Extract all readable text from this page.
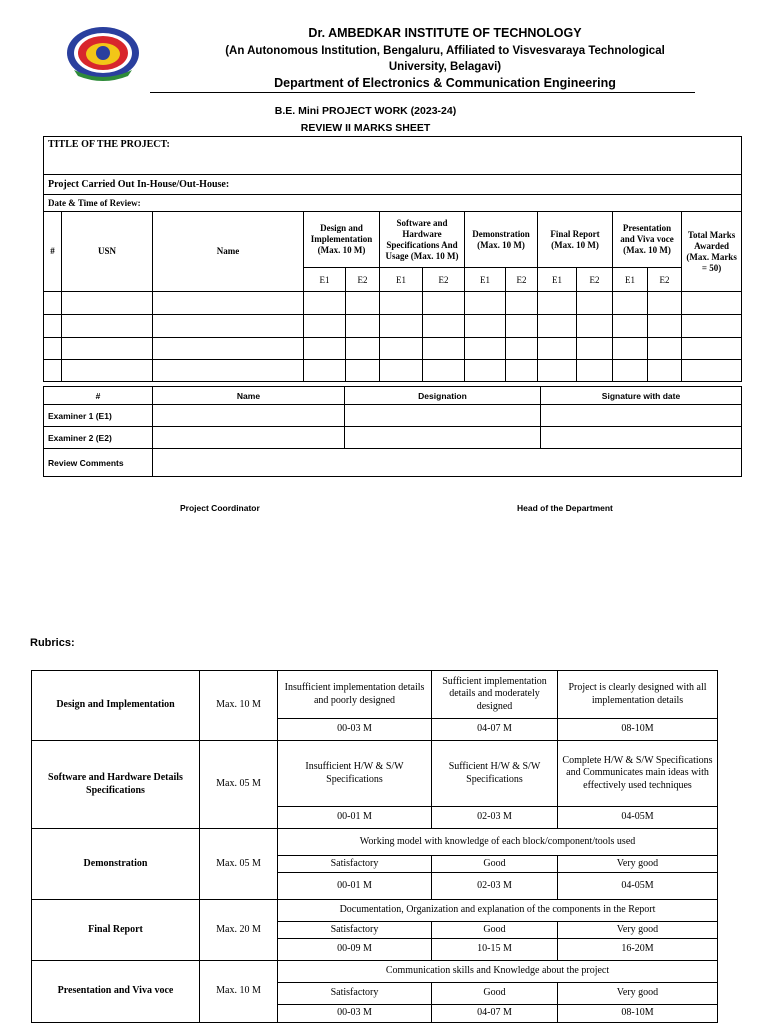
Dr. AMBEDKAR INSTITUTE OF TECHNOLOGY
(An Autonomous Institution, Bengaluru, Affiliated to Visvesvaraya Technological
University, Belagavi)
Department of Electronics & Communication Engineering
B.E. Mini PROJECT WORK (2023-24)
REVIEW II MARKS SHEET
TITLE OF THE PROJECT:													
Project Carried Out In-House/Out-House:													
Date & Time of Review:													
#	USN	Name	Design and Implementation (Max. 10 M)		Software and Hardware Specifications And Usage (Max. 10 M)		Demonstration (Max. 10 M)		Final Report (Max. 10 M)		Presentation and Viva voce (Max. 10 M)		Total Marks Awarded (Max. Marks = 50)
			E1	E2	E1	E2	E1	E2	E1	E2	E1	E2	

#	Name	Designation	Signature with date
Examiner 1 (E1)			
Examiner 2 (E2)			
Review Comments			
Project Coordinator	Head of the Department
Rubrics:
Design and Implementation	Max. 10 M	Insufficient implementation details and poorly designed	Sufficient implementation details and moderately designed	Project is clearly designed with all implementation details
		00-03 M	04-07 M	08-10M
Software and Hardware Details Specifications	Max. 05 M	Insufficient H/W & S/W Specifications	Sufficient H/W & S/W Specifications	Complete H/W & S/W Specifications and Communicates main ideas with effectively used techniques
		00-01 M	02-03 M	04-05M
Demonstration	Max. 05 M	Working model with knowledge of each block/component/tools used		
		Satisfactory	Good	Very good
		00-01 M	02-03 M	04-05M
Final Report	Max. 20 M	Documentation, Organization and explanation of the components in the Report		
		Satisfactory	Good	Very good
		00-09 M	10-15 M	16-20M
Presentation and Viva voce	Max. 10 M	Communication skills and Knowledge about the project		
		Satisfactory	Good	Very good
		00-03 M	04-07 M	08-10M
